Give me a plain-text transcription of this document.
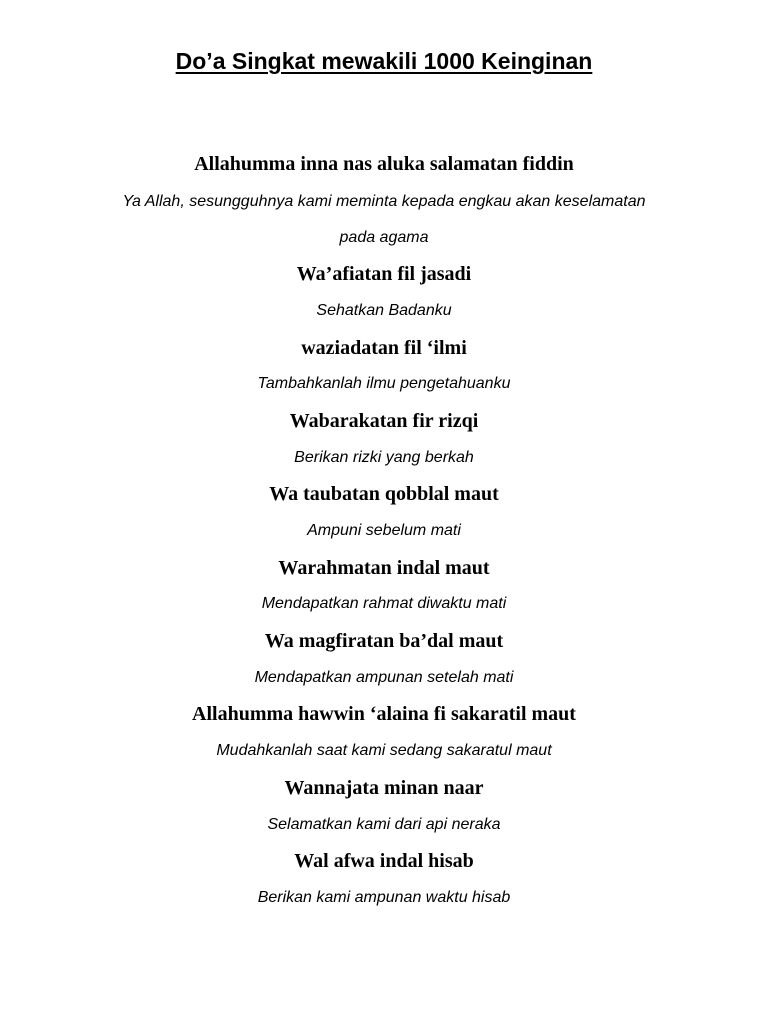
Do’a Singkat mewakili 1000 Keinginan
Allahumma inna nas aluka salamatan fiddin
Ya Allah, sesungguhnya kami meminta kepada engkau akan keselamatan
pada agama
Wa’afiatan fil jasadi
Sehatkan Badanku
waziadatan fil ‘ilmi
Tambahkanlah ilmu pengetahuanku
Wabarakatan fir rizqi
Berikan rizki yang berkah
Wa taubatan qobblal maut
Ampuni sebelum mati
Warahmatan indal maut
Mendapatkan rahmat diwaktu mati
Wa magfiratan ba’dal maut
Mendapatkan ampunan setelah mati
Allahumma hawwin ‘alaina fi sakaratil maut
Mudahkanlah saat kami sedang sakaratul maut
Wannajata minan naar
Selamatkan kami dari api neraka
Wal afwa indal hisab
Berikan kami ampunan waktu hisab
